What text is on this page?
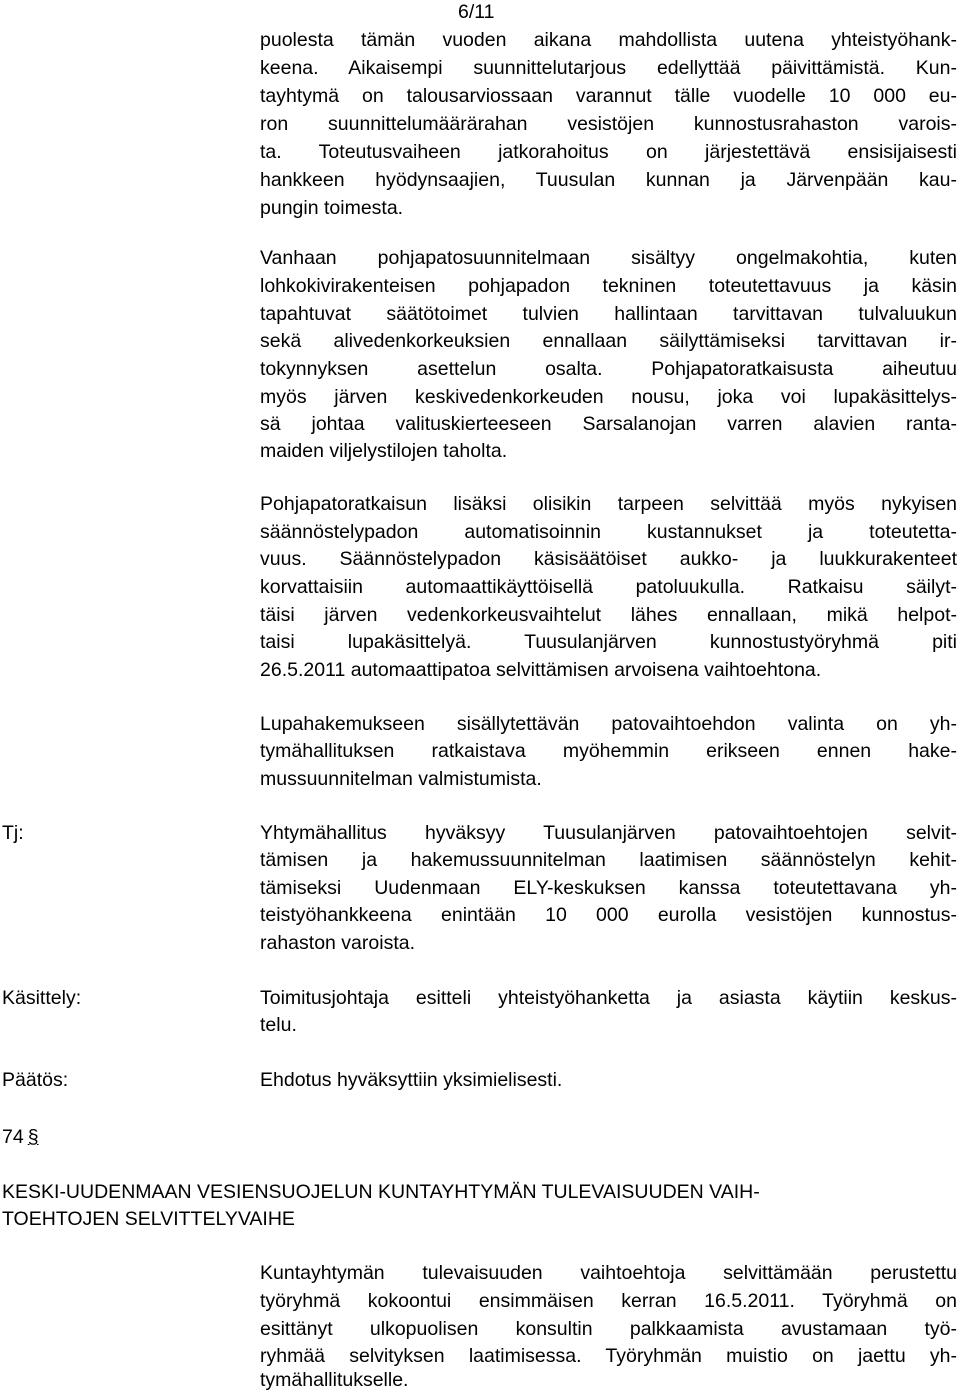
6/11
puolesta tämän vuoden aikana mahdollista uutena yhteistyöhank-
keena. Aikaisempi suunnittelutarjous edellyttää päivittämistä. Kun-
tayhtymä on talousarviossaan varannut tälle vuodelle 10 000 eu-
ron suunnittelumäärärahan vesistöjen kunnostusrahaston varois-
ta. Toteutusvaiheen jatkorahoitus on järjestettävä ensisijaisesti
hankkeen hyödynsaajien, Tuusulan kunnan ja Järvenpään kau-
pungin toimesta.
Vanhaan pohjapatosuunnitelmaan sisältyy ongelmakohtia, kuten
lohkokivirakenteisen pohjapadon tekninen toteutettavuus ja käsin
tapahtuvat säätötoimet tulvien hallintaan tarvittavan tulvaluukun
sekä alivedenkorkeuksien ennallaan säilyttämiseksi tarvittavan ir-
tokynnyksen asettelun osalta. Pohjapatoratkaisusta aiheutuu
myös järven keskivedenkorkeuden nousu, joka voi lupakäsittelys-
sä johtaa valituskierteeseen Sarsalanojan varren alavien ranta-
maiden viljelystilojen taholta.
Pohjapatoratkaisun lisäksi olisikin tarpeen selvittää myös nykyisen
säännöstelypadon automatisoinnin kustannukset ja toteutetta-
vuus. Säännöstelypadon käsisäätöiset aukko- ja luukkurakenteet
korvattaisiin automaattikäyttöisellä patoluukulla. Ratkaisu säilyt-
täisi järven vedenkorkeusvaihtelut lähes ennallaan, mikä helpot-
taisi lupakäsittelyä. Tuusulanjärven kunnostustyöryhmä piti
26.5.2011 automaattipatoa selvittämisen arvoisena vaihtoehtona.
Lupahakemukseen sisällytettävän patovaihtoehdon valinta on yh-
tymähallituksen ratkaistava myöhemmin erikseen ennen hake-
mussuunnitelman valmistumista.
Tj:	Yhtymähallitus hyväksyy Tuusulanjärven patovaihtoehtojen selvit-
tämisen ja hakemussuunnitelman laatimisen säännöstelyn kehit-
tämiseksi Uudenmaan ELY-keskuksen kanssa toteutettavana yh-
teistyöhankkeena enintään 10 000 eurolla vesistöjen kunnostus-
rahaston varoista.
Käsittely:	Toimitusjohtaja esitteli yhteistyöhanketta ja asiasta käytiin keskus-
telu.
Päätös:	Ehdotus hyväksyttiin yksimielisesti.
74 §
KESKI-UUDENMAAN VESIENSUOJELUN KUNTAYHTYMÄN TULEVAISUUDEN VAIH-
TOEHTOJEN SELVITTELYVAIHE
Kuntayhtymän tulevaisuuden vaihtoehtoja selvittämään perustettu
työryhmä kokoontui ensimmäisen kerran 16.5.2011. Työryhmä on
esittänyt ulkopuolisen konsultin palkkaamista avustamaan työ-
ryhmää selvityksen laatimisessa. Työryhmän muistio on jaettu yh-
tymähallitukselle.
